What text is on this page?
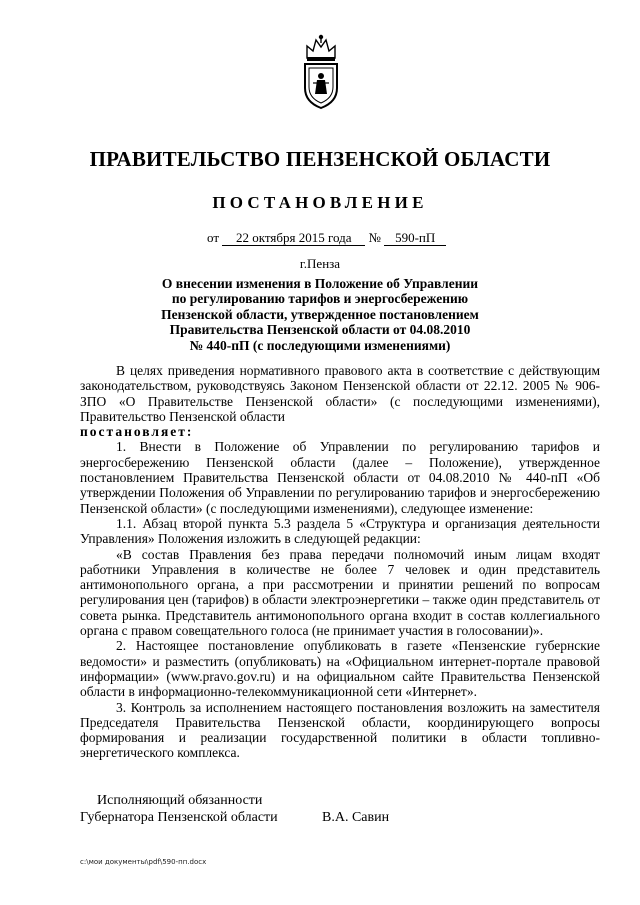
ПРАВИТЕЛЬСТВО ПЕНЗЕНСКОЙ ОБЛАСТИ
ПОСТАНОВЛЕНИЕ
от 22 октября 2015 года № 590-пП
г.Пенза
О внесении изменения в Положение об Управлении
по регулированию тарифов и энергосбережению
Пензенской области, утвержденное постановлением
Правительства Пензенской области от 04.08.2010
№ 440-пП (с последующими изменениями)

В целях приведения нормативного правового акта в соответствие с действующим законодательством, руководствуясь Законом Пензенской области от 22.12. 2005 № 906-ЗПО «О Правительстве Пензенской области» (с последующими изменениями), Правительство Пензенской области

постановляет:

1. Внести в Положение об Управлении по регулированию тарифов и энергосбережению Пензенской области (далее – Положение), утвержденное постановлением Правительства Пензенской области от 04.08.2010 № 440-пП «Об утверждении Положения об Управлении по регулированию тарифов и энергосбережению Пензенской области» (с последующими изменениями), следующее изменение:

1.1. Абзац второй пункта 5.3 раздела 5 «Структура и организация деятельности Управления» Положения изложить в следующей редакции:

«В состав Правления без права передачи полномочий иным лицам входят работники Управления в количестве не более 7 человек и один представитель антимонопольного органа, а при рассмотрении и принятии решений по вопросам регулирования цен (тарифов) в области электроэнергетики – также один представитель от совета рынка. Представитель антимонопольного органа входит в состав коллегиального органа с правом совещательного голоса (не принимает участия в голосовании)».

2. Настоящее постановление опубликовать в газете «Пензенские губернские ведомости» и разместить (опубликовать) на «Официальном интернет-портале правовой информации» (www.pravo.gov.ru) и на официальном сайте Правительства Пензенской области в информационно-телекоммуникационной сети «Интернет».

3. Контроль за исполнением настоящего постановления возложить на заместителя Председателя Правительства Пензенской области, координирующего вопросы формирования и реализации государственной политики в области топливно-энергетического комплекса.

Исполняющий обязанности
Губернатора Пензенской области	В.А. Савин
c:\мои документы\pdf\590-пп.docx
